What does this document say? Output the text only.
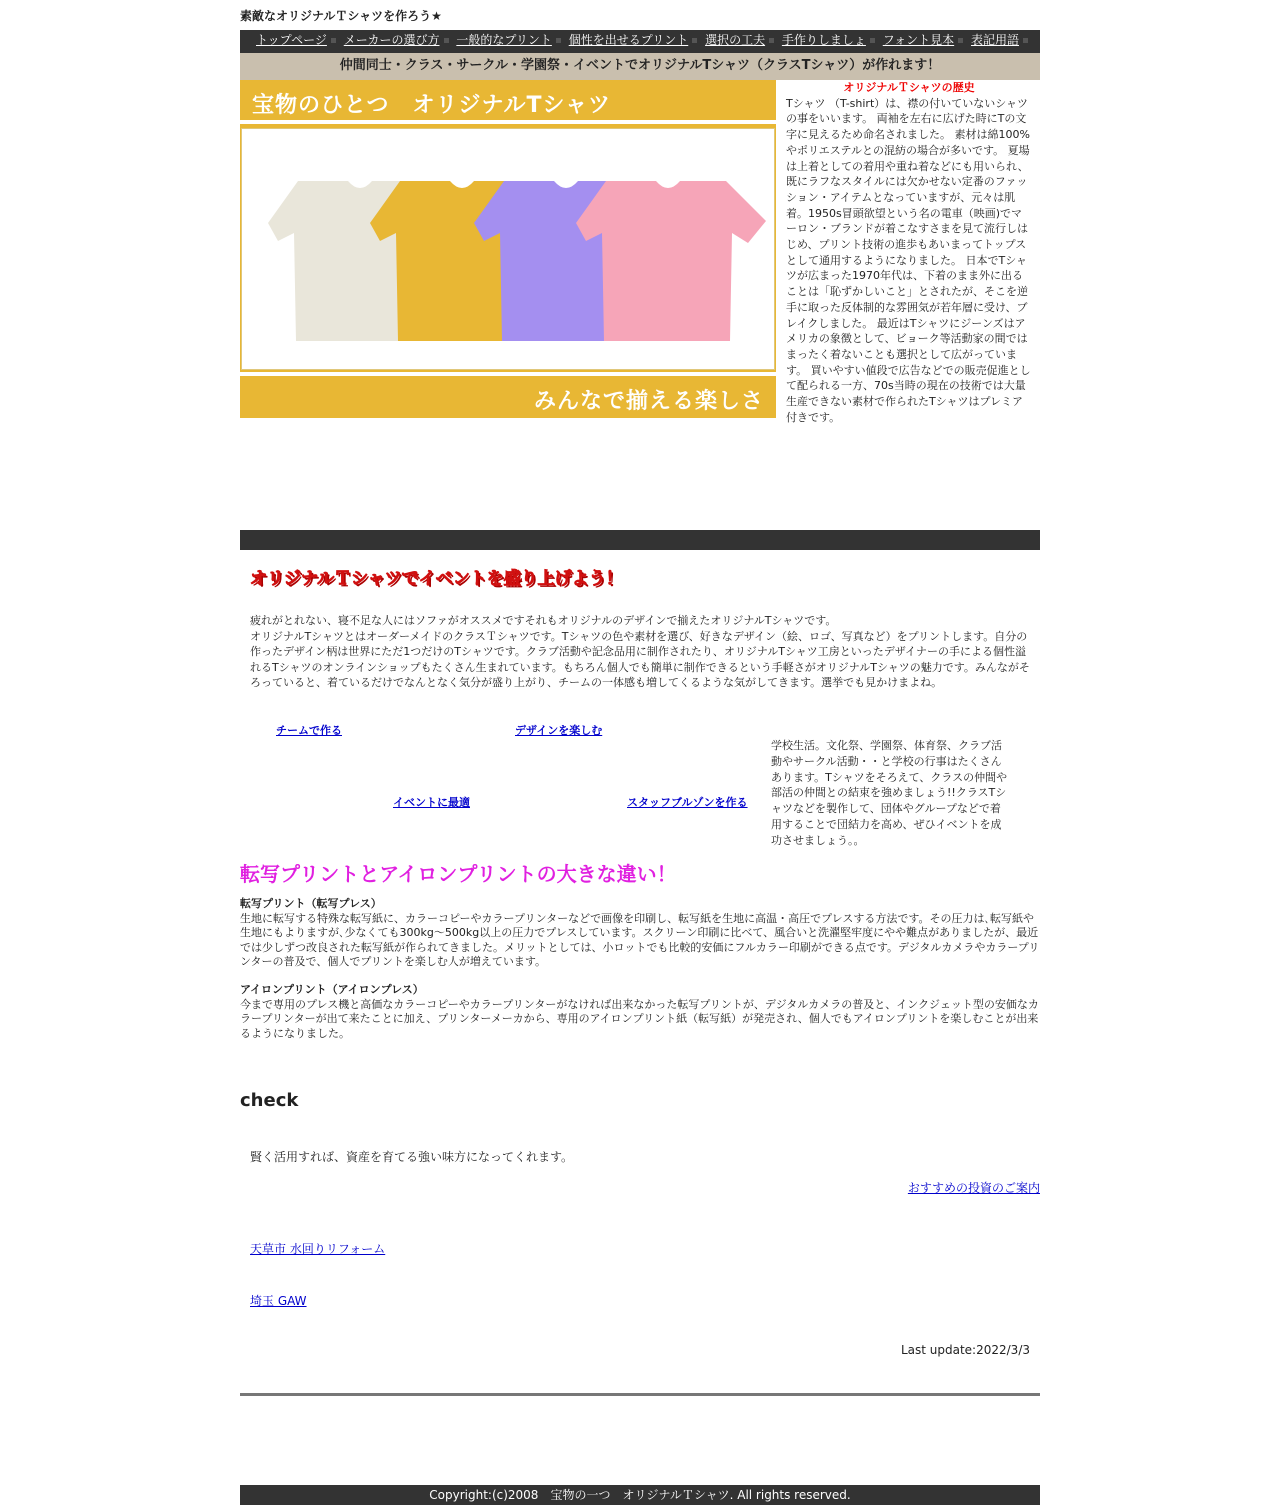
素敵なオリジナルＴシャツを作ろう★
トップページ メーカーの選び方 一般的なプリント 個性を出せるプリント 選択の工夫 手作りしましょ フォント見本 表記用語
仲間同士・クラス・サークル・学園祭・イベントでオリジナルTシャツ（クラスTシャツ）が作れます！
宝物のひとつ　オリジナルTシャツ
みんなで揃える楽しさ
オリジナルＴシャツの歴史

Tシャツ （T-shirt）は、襟の付いていないシャツの事をいいます。 両袖を左右に広げた時にTの文字に見えるため命名されました。 素材は綿100%やポリエステルとの混紡の場合が多いです。 夏場は上着としての着用や重ね着などにも用いられ、既にラフなスタイルには欠かせない定番のファッション・アイテムとなっていますが、元々は肌着。1950s冒頭欲望という名の電車（映画)でマーロン・ブランドが着こなすさまを見て流行しはじめ、プリント技術の進歩もあいまってトップスとして通用するようになりました。 日本でTシャツが広まった1970年代は、下着のまま外に出ることは「恥ずかしいこと」とされたが、そこを逆手に取った反体制的な雰囲気が若年層に受け、ブレイクしました。 最近はTシャツにジーンズはアメリカの象徴として、ビョーク等活動家の間ではまったく着ないことも選択として広がっています。 買いやすい値段で広告などでの販売促進として配られる一方、70s当時の現在の技術では大量生産できない素材で作られたTシャツはプレミア付きです。

オリジナルＴシャツでイベントを盛り上げよう！

疲れがとれない、寝不足な人にはソファがオススメですそれもオリジナルのデザインで揃えたオリジナルTシャツです。

オリジナルTシャツとはオーダーメイドのクラスＴシャツです。Tシャツの色や素材を選び、好きなデザイン（絵、ロゴ、写真など）をプリントします。自分の作ったデザイン柄は世界にただ1つだけのTシャツです。クラブ活動や記念品用に制作されたり、オリジナルTシャツ工房といったデザイナーの手による個性溢れるTシャツのオンラインショップもたくさん生まれています。もちろん個人でも簡単に制作できるという手軽さがオリジナルTシャツの魅力です。みんながそろっていると、着ているだけでなんとなく気分が盛り上がり、チームの一体感も増してくるような気がしてきます。選挙でも見かけまよね。

チームで作る	デザインを楽しむ
イベントに最適	スタッフブルゾンを作る
学校生活。文化祭、学園祭、体育祭、クラブ活動やサークル活動・・と学校の行事はたくさんあります。Tシャツをそろえて、クラスの仲間や部活の仲間との結束を強めましょう!!クラスTシャツなどを製作して、団体やグループなどで着用することで団結力を高め、ぜひイベントを成功させましょう。。
転写プリントとアイロンプリントの大きな違い！
転写プリント（転写プレス）
生地に転写する特殊な転写紙に、カラーコピーやカラープリンターなどで画像を印刷し、転写紙を生地に高温・高圧でプレスする方法です。その圧力は､転写紙や生地にもよりますが､少なくても300kg～500kg以上の圧力でプレスしています。スクリーン印刷に比べて、風合いと洗濯堅牢度にやや難点がありましたが、最近では少しずつ改良された転写紙が作られてきました。メリットとしては、小ロットでも比較的安価にフルカラー印刷ができる点です。デジタルカメラやカラープリンターの普及で、個人でプリントを楽しむ人が増えています。
アイロンプリント（アイロンプレス）
今まで専用のプレス機と高価なカラーコピーやカラープリンターがなければ出来なかった転写プリントが、デジタルカメラの普及と、インクジェット型の安価なカラープリンターが出て来たことに加え、プリンターメーカから、専用のアイロンプリント紙（転写紙）が発売され、個人でもアイロンプリントを楽しむことが出来るようになりました。
check
賢く活用すれば、資産を育てる強い味方になってくれます。
おすすめの投資のご案内
天草市 水回りリフォーム
埼玉 GAW
Last update:2022/3/3
Copyright:(c)2008　宝物の一つ　オリジナルＴシャツ. All rights reserved.
